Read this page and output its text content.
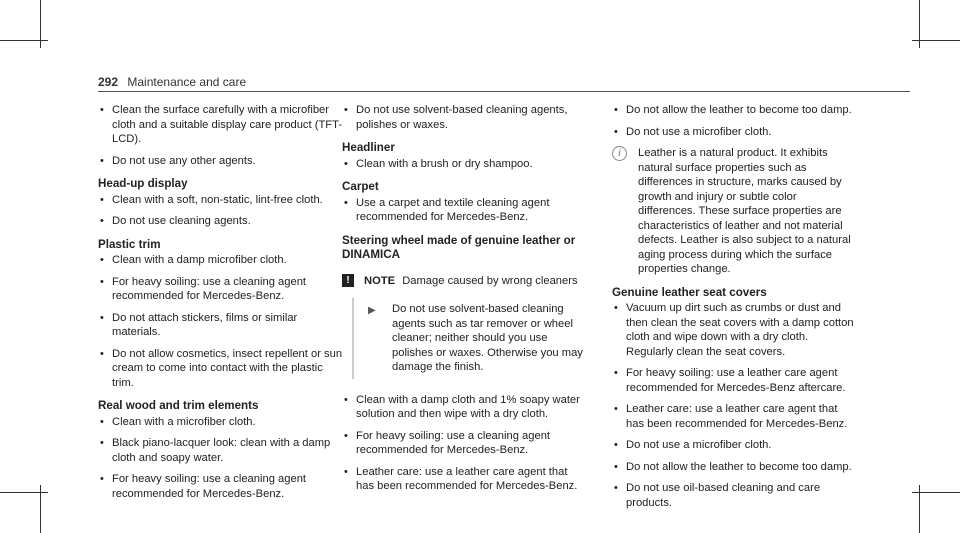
292 Maintenance and care
• Clean the surface carefully with a microfiber cloth and a suitable display care product (TFT-LCD).
• Do not use any other agents.
Head-up display
• Clean with a soft, non-static, lint-free cloth.
• Do not use cleaning agents.
Plastic trim
• Clean with a damp microfiber cloth.
• For heavy soiling: use a cleaning agent recommended for Mercedes-Benz.
• Do not attach stickers, films or similar materials.
• Do not allow cosmetics, insect repellent or sun cream to come into contact with the plastic trim.
Real wood and trim elements
• Clean with a microfiber cloth.
• Black piano-lacquer look: clean with a damp cloth and soapy water.
• For heavy soiling: use a cleaning agent recommended for Mercedes-Benz.
• Do not use solvent-based cleaning agents, polishes or waxes.
Headliner
• Clean with a brush or dry shampoo.
Carpet
• Use a carpet and textile cleaning agent recommended for Mercedes-Benz.
Steering wheel made of genuine leather or DINAMICA
!	NOTE Damage caused by wrong cleaners
▶ Do not use solvent-based cleaning agents such as tar remover or wheel cleaner; neither should you use polishes or waxes. Otherwise you may damage the finish.
• Clean with a damp cloth and 1% soapy water solution and then wipe with a dry cloth.
• For heavy soiling: use a cleaning agent recommended for Mercedes-Benz.
• Leather care: use a leather care agent that has been recommended for Mercedes-Benz.
• Do not allow the leather to become too damp.
• Do not use a microfiber cloth.
i	Leather is a natural product. It exhibits natural surface properties such as differences in structure, marks caused by growth and injury or subtle color differences. These surface properties are characteristics of leather and not material defects. Leather is also subject to a natural aging process during which the surface properties change.
Genuine leather seat covers
• Vacuum up dirt such as crumbs or dust and then clean the seat covers with a damp cotton cloth and wipe down with a dry cloth. Regularly clean the seat covers.
• For heavy soiling: use a leather care agent recommended for Mercedes-Benz aftercare.
• Leather care: use a leather care agent that has been recommended for Mercedes-Benz.
• Do not use a microfiber cloth.
• Do not allow the leather to become too damp.
• Do not use oil-based cleaning and care products.
